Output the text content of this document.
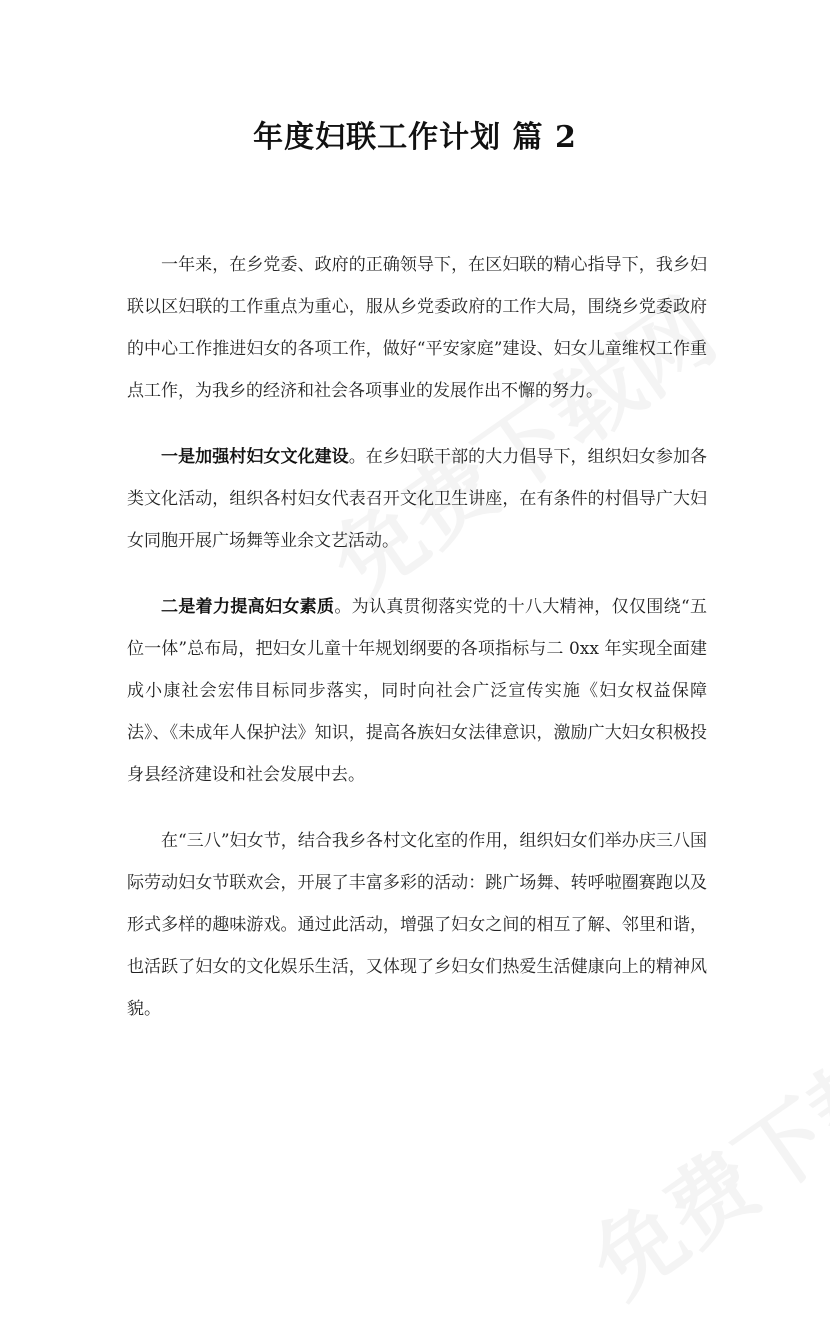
年度妇联工作计划 篇 2

一年来，在乡党委、政府的正确领导下，在区妇联的精心指导下，我乡妇联以区妇联的工作重点为重心，服从乡党委政府的工作大局，围绕乡党委政府的中心工作推进妇女的各项工作，做好“平安家庭”建设、妇女儿童维权工作重点工作，为我乡的经济和社会各项事业的发展作出不懈的努力。

一是加强村妇女文化建设。在乡妇联干部的大力倡导下，组织妇女参加各类文化活动，组织各村妇女代表召开文化卫生讲座，在有条件的村倡导广大妇女同胞开展广场舞等业余文艺活动。

二是着力提高妇女素质。为认真贯彻落实党的十八大精神，仅仅围绕“五位一体”总布局，把妇女儿童十年规划纲要的各项指标与二 0xx 年实现全面建成小康社会宏伟目标同步落实，同时向社会广泛宣传实施《妇女权益保障法》、《未成年人保护法》知识，提高各族妇女法律意识，激励广大妇女积极投身县经济建设和社会发展中去。

在“三八”妇女节，结合我乡各村文化室的作用，组织妇女们举办庆三八国际劳动妇女节联欢会，开展了丰富多彩的活动：跳广场舞、转呼啦圈赛跑以及形式多样的趣味游戏。通过此活动，增强了妇女之间的相互了解、邻里和谐，也活跃了妇女的文化娱乐生活，又体现了乡妇女们热爱生活健康向上的精神风貌。
